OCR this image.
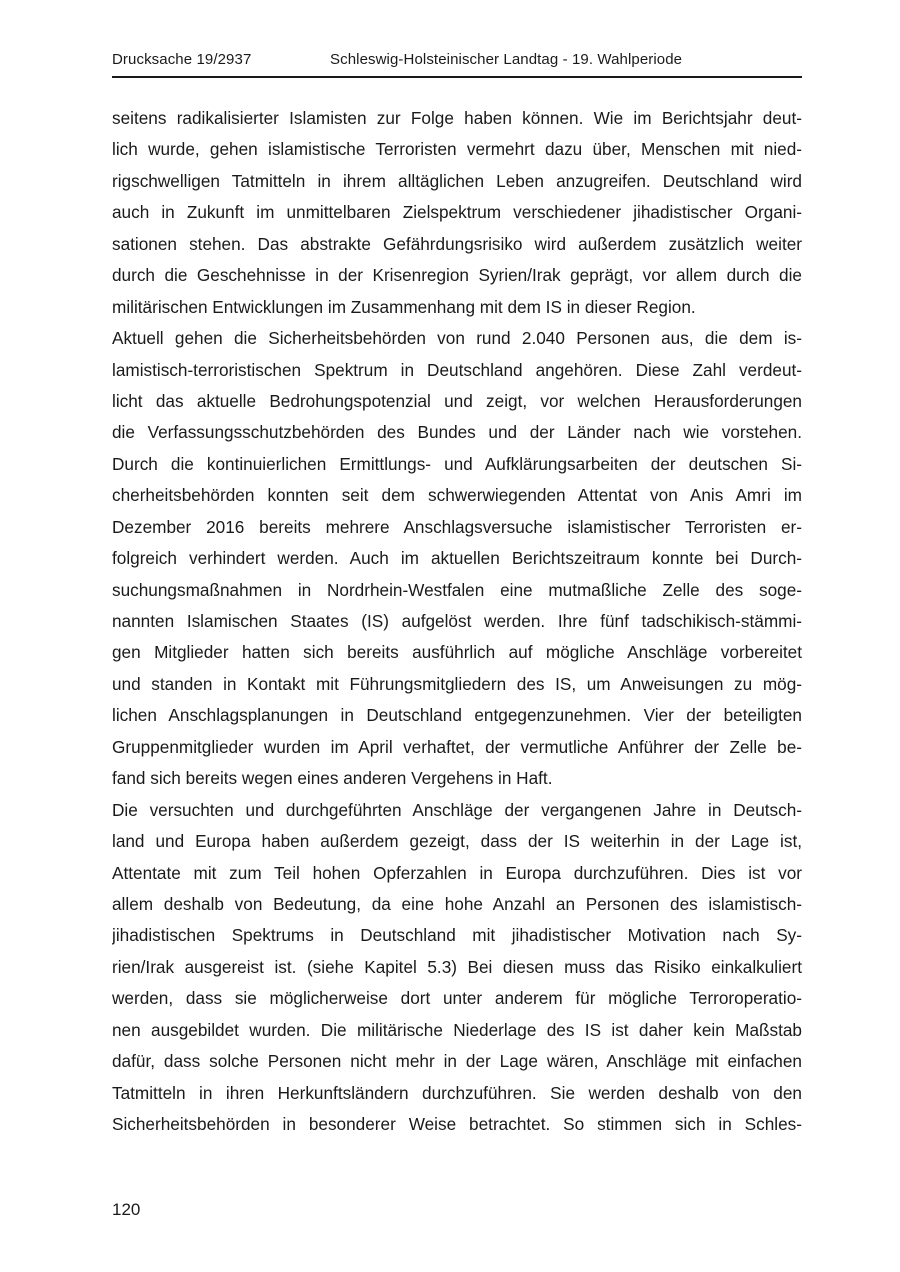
Drucksache 19/2937	Schleswig-Holsteinischer Landtag - 19. Wahlperiode
seitens radikalisierter Islamisten zur Folge haben können. Wie im Berichtsjahr deut-
lich wurde, gehen islamistische Terroristen vermehrt dazu über, Menschen mit nied-
rigschwelligen Tatmitteln in ihrem alltäglichen Leben anzugreifen. Deutschland wird
auch in Zukunft im unmittelbaren Zielspektrum verschiedener jihadistischer Organi-
sationen stehen. Das abstrakte Gefährdungsrisiko wird außerdem zusätzlich weiter
durch die Geschehnisse in der Krisenregion Syrien/Irak geprägt, vor allem durch die
militärischen Entwicklungen im Zusammenhang mit dem IS in dieser Region.
Aktuell gehen die Sicherheitsbehörden von rund 2.040 Personen aus, die dem is-
lamistisch-terroristischen Spektrum in Deutschland angehören. Diese Zahl verdeut-
licht das aktuelle Bedrohungspotenzial und zeigt, vor welchen Herausforderungen
die Verfassungsschutzbehörden des Bundes und der Länder nach wie vorstehen.
Durch die kontinuierlichen Ermittlungs- und Aufklärungsarbeiten der deutschen Si-
cherheitsbehörden konnten seit dem schwerwiegenden Attentat von Anis Amri im
Dezember 2016 bereits mehrere Anschlagsversuche islamistischer Terroristen er-
folgreich verhindert werden. Auch im aktuellen Berichtszeitraum konnte bei Durch-
suchungsmaßnahmen in Nordrhein-Westfalen eine mutmaßliche Zelle des soge-
nannten Islamischen Staates (IS) aufgelöst werden. Ihre fünf tadschikisch-stämmi-
gen Mitglieder hatten sich bereits ausführlich auf mögliche Anschläge vorbereitet
und standen in Kontakt mit Führungsmitgliedern des IS, um Anweisungen zu mög-
lichen Anschlagsplanungen in Deutschland entgegenzunehmen. Vier der beteiligten
Gruppenmitglieder wurden im April verhaftet, der vermutliche Anführer der Zelle be-
fand sich bereits wegen eines anderen Vergehens in Haft.
Die versuchten und durchgeführten Anschläge der vergangenen Jahre in Deutsch-
land und Europa haben außerdem gezeigt, dass der IS weiterhin in der Lage ist,
Attentate mit zum Teil hohen Opferzahlen in Europa durchzuführen. Dies ist vor
allem deshalb von Bedeutung, da eine hohe Anzahl an Personen des islamistisch-
jihadistischen Spektrums in Deutschland mit jihadistischer Motivation nach Sy-
rien/Irak ausgereist ist. (siehe Kapitel 5.3) Bei diesen muss das Risiko einkalkuliert
werden, dass sie möglicherweise dort unter anderem für mögliche Terroroperatio-
nen ausgebildet wurden. Die militärische Niederlage des IS ist daher kein Maßstab
dafür, dass solche Personen nicht mehr in der Lage wären, Anschläge mit einfachen
Tatmitteln in ihren Herkunftsländern durchzuführen. Sie werden deshalb von den
Sicherheitsbehörden in besonderer Weise betrachtet. So stimmen sich in Schles-
120
